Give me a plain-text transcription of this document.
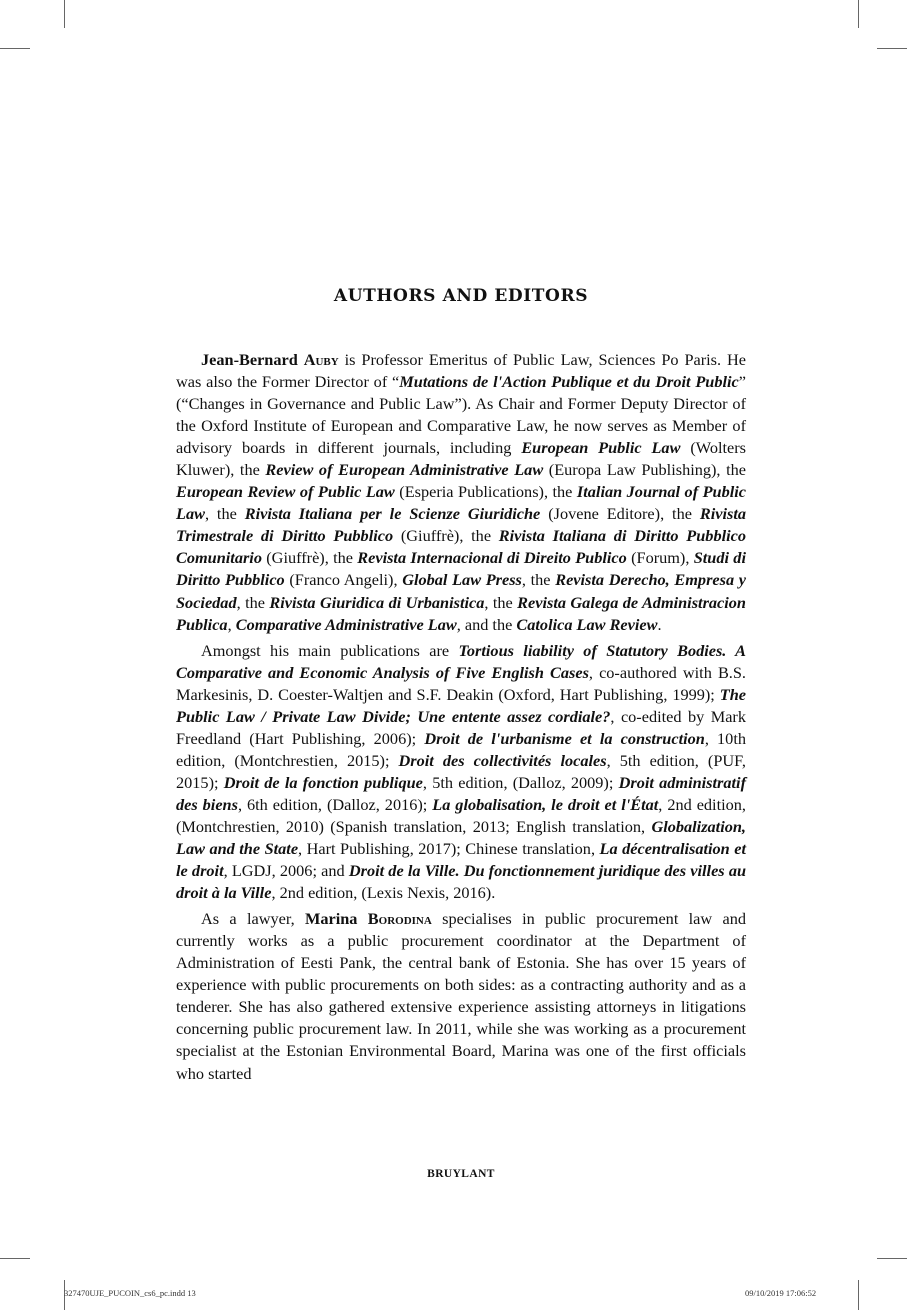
AUTHORS AND EDITORS

Jean-Bernard Auby is Professor Emeritus of Public Law, Sciences Po Paris. He was also the Former Director of “Mutations de l'Action Publique et du Droit Public” (“Changes in Governance and Public Law”). As Chair and Former Deputy Director of the Oxford Institute of European and Comparative Law, he now serves as Member of advisory boards in different journals, including European Public Law (Wolters Kluwer), the Review of European Administrative Law (Europa Law Publishing), the European Review of Public Law (Esperia Publications), the Italian Journal of Public Law, the Rivista Italiana per le Scienze Giuridiche (Jovene Editore), the Rivista Trimestrale di Diritto Pubblico (Giuffrè), the Rivista Italiana di Diritto Pubblico Comunitario (Giuffrè), the Revista Internacional di Direito Publico (Forum), Studi di Diritto Pubblico (Franco Angeli), Global Law Press, the Revista Derecho, Empresa y Sociedad, the Rivista Giuridica di Urbanistica, the Revista Galega de Administracion Publica, Comparative Administrative Law, and the Catolica Law Review.

Amongst his main publications are Tortious liability of Statutory Bodies. A Comparative and Economic Analysis of Five English Cases, co-authored with B.S. Markesinis, D. Coester-Waltjen and S.F. Deakin (Oxford, Hart Publishing, 1999); The Public Law / Private Law Divide; Une entente assez cordiale?, co-edited by Mark Freedland (Hart Publishing, 2006); Droit de l'urbanisme et la construction, 10th edition, (Montchrestien, 2015); Droit des collectivités locales, 5th edition, (PUF, 2015); Droit de la fonction publique, 5th edition, (Dalloz, 2009); Droit administratif des biens, 6th edition, (Dalloz, 2016); La globalisation, le droit et l'État, 2nd edition, (Montchrestien, 2010) (Spanish translation, 2013; English translation, Globalization, Law and the State, Hart Publishing, 2017); Chinese translation, La décentralisation et le droit, LGDJ, 2006; and Droit de la Ville. Du fonctionnement juridique des villes au droit à la Ville, 2nd edition, (Lexis Nexis, 2016).

As a lawyer, Marina Borodina specialises in public procurement law and currently works as a public procurement coordinator at the Department of Administration of Eesti Pank, the central bank of Estonia. She has over 15 years of experience with public procurements on both sides: as a contracting authority and as a tenderer. She has also gathered extensive experience assisting attorneys in litigations concerning public procurement law. In 2011, while she was working as a procurement specialist at the Estonian Environmental Board, Marina was one of the first officials who started

BRUYLANT
327470UJE_PUCOIN_cs6_pc.indd 13	09/10/2019 17:06:52
